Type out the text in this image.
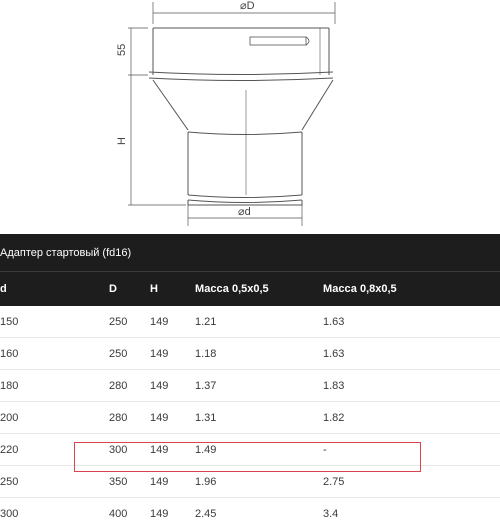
⌀D
55
H
⌀d
Адаптер стартовый (fd16)				
d	D	H	Масса 0,5x0,5	Масса 0,8x0,5
150	250	149	1.21	1.63
160	250	149	1.18	1.63
180	280	149	1.37	1.83
200	280	149	1.31	1.82
220	300	149	1.49	-
250	350	149	1.96	2.75
300	400	149	2.45	3.4
